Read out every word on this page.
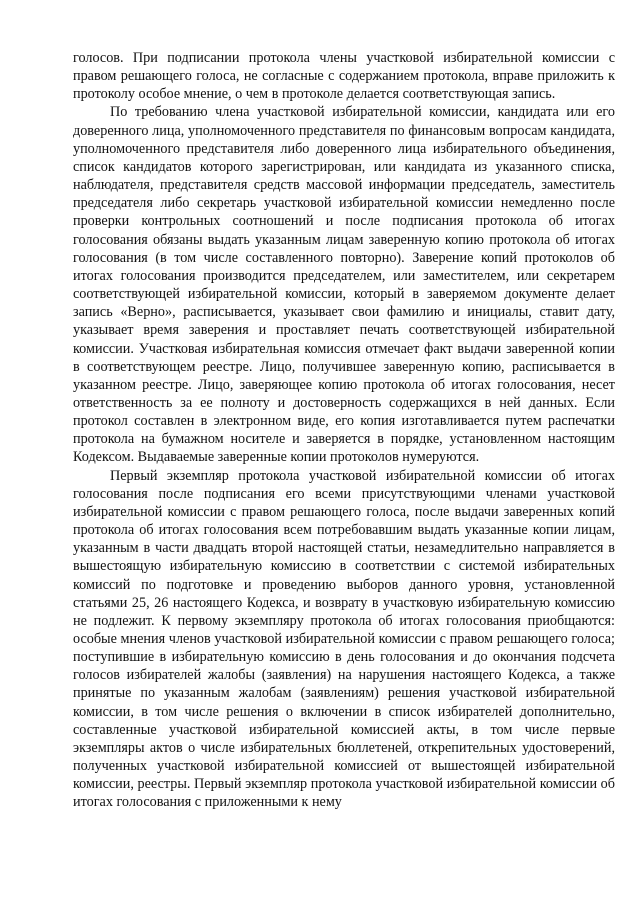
голосов. При подписании протокола члены участковой избирательной комиссии с правом решающего голоса, не согласные с содержанием протокола, вправе приложить к протоколу особое мнение, о чем в протоколе делается соответствующая запись.

По требованию члена участковой избирательной комиссии, кандидата или его доверенного лица, уполномоченного представителя по финансовым вопросам кандидата, уполномоченного представителя либо доверенного лица избирательного объединения, список кандидатов которого зарегистрирован, или кандидата из указанного списка, наблюдателя, представителя средств массовой информации председатель, заместитель председателя либо секретарь участковой избирательной комиссии немедленно после проверки контрольных соотношений и после подписания протокола об итогах голосования обязаны выдать указанным лицам заверенную копию протокола об итогах голосования (в том числе составленного повторно). Заверение копий протоколов об итогах голосования производится председателем, или заместителем, или секретарем соответствующей избирательной комиссии, который в заверяемом документе делает запись «Верно», расписывается, указывает свои фамилию и инициалы, ставит дату, указывает время заверения и проставляет печать соответствующей избирательной комиссии. Участковая избирательная комиссия отмечает факт выдачи заверенной копии в соответствующем реестре. Лицо, получившее заверенную копию, расписывается в указанном реестре. Лицо, заверяющее копию протокола об итогах голосования, несет ответственность за ее полноту и достоверность содержащихся в ней данных. Если протокол составлен в электронном виде, его копия изготавливается путем распечатки протокола на бумажном носителе и заверяется в порядке, установленном настоящим Кодексом. Выдаваемые заверенные копии протоколов нумеруются.

Первый экземпляр протокола участковой избирательной комиссии об итогах голосования после подписания его всеми присутствующими членами участковой избирательной комиссии с правом решающего голоса, после выдачи заверенных копий протокола об итогах голосования всем потребовавшим выдать указанные копии лицам, указанным в части двадцать второй настоящей статьи, незамедлительно направляется в вышестоящую избирательную комиссию в соответствии с системой избирательных комиссий по подготовке и проведению выборов данного уровня, установленной статьями 25, 26 настоящего Кодекса, и возврату в участковую избирательную комиссию не подлежит. К первому экземпляру протокола об итогах голосования приобщаются: особые мнения членов участковой избирательной комиссии с правом решающего голоса; поступившие в избирательную комиссию в день голосования и до окончания подсчета голосов избирателей жалобы (заявления) на нарушения настоящего Кодекса, а также принятые по указанным жалобам (заявлениям) решения участковой избирательной комиссии, в том числе решения о включении в список избирателей дополнительно, составленные участковой избирательной комиссией акты, в том числе первые экземпляры актов о числе избирательных бюллетеней, открепительных удостоверений, полученных участковой избирательной комиссией от вышестоящей избирательной комиссии, реестры. Первый экземпляр протокола участковой избирательной комиссии об итогах голосования с приложенными к нему
